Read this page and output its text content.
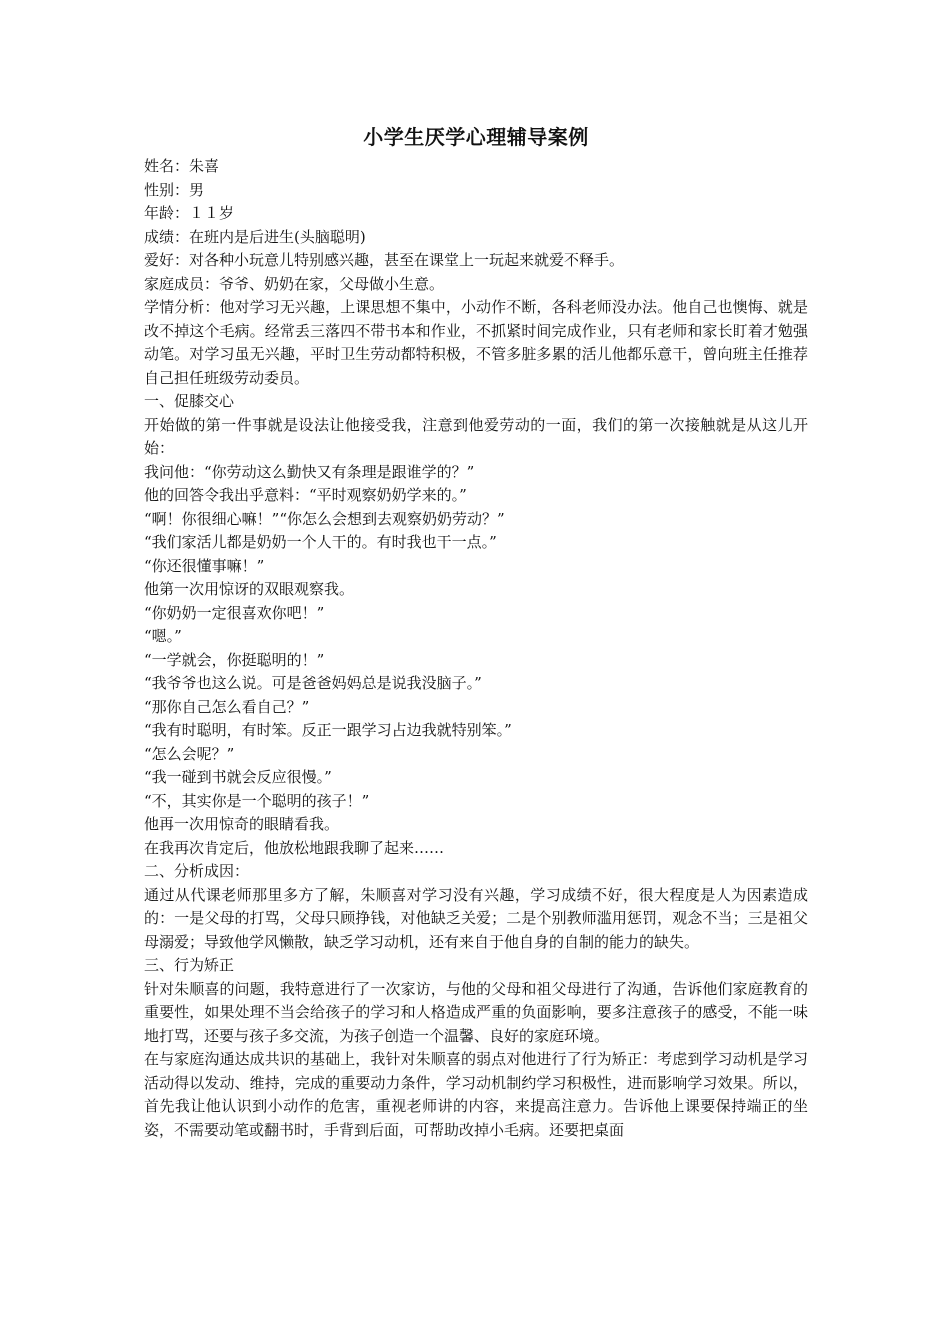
小学生厌学心理辅导案例
姓名：朱喜
性别：男
年龄：１１岁
成绩：在班内是后进生(头脑聪明)
爱好：对各种小玩意儿特别感兴趣，甚至在课堂上一玩起来就爱不释手。
家庭成员：爷爷、奶奶在家，父母做小生意。
学情分析：他对学习无兴趣，上课思想不集中，小动作不断，各科老师没办法。他自己也懊悔、就是改不掉这个毛病。经常丢三落四不带书本和作业，不抓紧时间完成作业，只有老师和家长盯着才勉强动笔。对学习虽无兴趣，平时卫生劳动都特积极，不管多脏多累的活儿他都乐意干，曾向班主任推荐自己担任班级劳动委员。
一、促膝交心
开始做的第一件事就是设法让他接受我，注意到他爱劳动的一面，我们的第一次接触就是从这儿开始：
我问他：“你劳动这么勤快又有条理是跟谁学的？”
他的回答令我出乎意料：“平时观察奶奶学来的。”
“啊！你很细心嘛！”“你怎么会想到去观察奶奶劳动？”
“我们家活儿都是奶奶一个人干的。有时我也干一点。”
“你还很懂事嘛！”
他第一次用惊讶的双眼观察我。
“你奶奶一定很喜欢你吧！”
“嗯。”
“一学就会，你挺聪明的！”
“我爷爷也这么说。可是爸爸妈妈总是说我没脑子。”
“那你自己怎么看自己？”
“我有时聪明，有时笨。反正一跟学习占边我就特别笨。”
“怎么会呢？”
“我一碰到书就会反应很慢。”
“不，其实你是一个聪明的孩子！”
他再一次用惊奇的眼睛看我。
在我再次肯定后，他放松地跟我聊了起来……
二、分析成因：
通过从代课老师那里多方了解，朱顺喜对学习没有兴趣，学习成绩不好，很大程度是人为因素造成的：一是父母的打骂，父母只顾挣钱，对他缺乏关爱；二是个别教师滥用惩罚，观念不当；三是祖父母溺爱；导致他学风懒散，缺乏学习动机，还有来自于他自身的自制的能力的缺失。
三、行为矫正
针对朱顺喜的问题，我特意进行了一次家访，与他的父母和祖父母进行了沟通，告诉他们家庭教育的重要性，如果处理不当会给孩子的学习和人格造成严重的负面影响，要多注意孩子的感受，不能一味地打骂，还要与孩子多交流，为孩子创造一个温馨、良好的家庭环境。
在与家庭沟通达成共识的基础上，我针对朱顺喜的弱点对他进行了行为矫正：考虑到学习动机是学习活动得以发动、维持，完成的重要动力条件，学习动机制约学习积极性，进而影响学习效果。所以，首先我让他认识到小动作的危害，重视老师讲的内容，来提高注意力。告诉他上课要保持端正的坐姿，不需要动笔或翻书时，手背到后面，可帮助改掉小毛病。还要把桌面
